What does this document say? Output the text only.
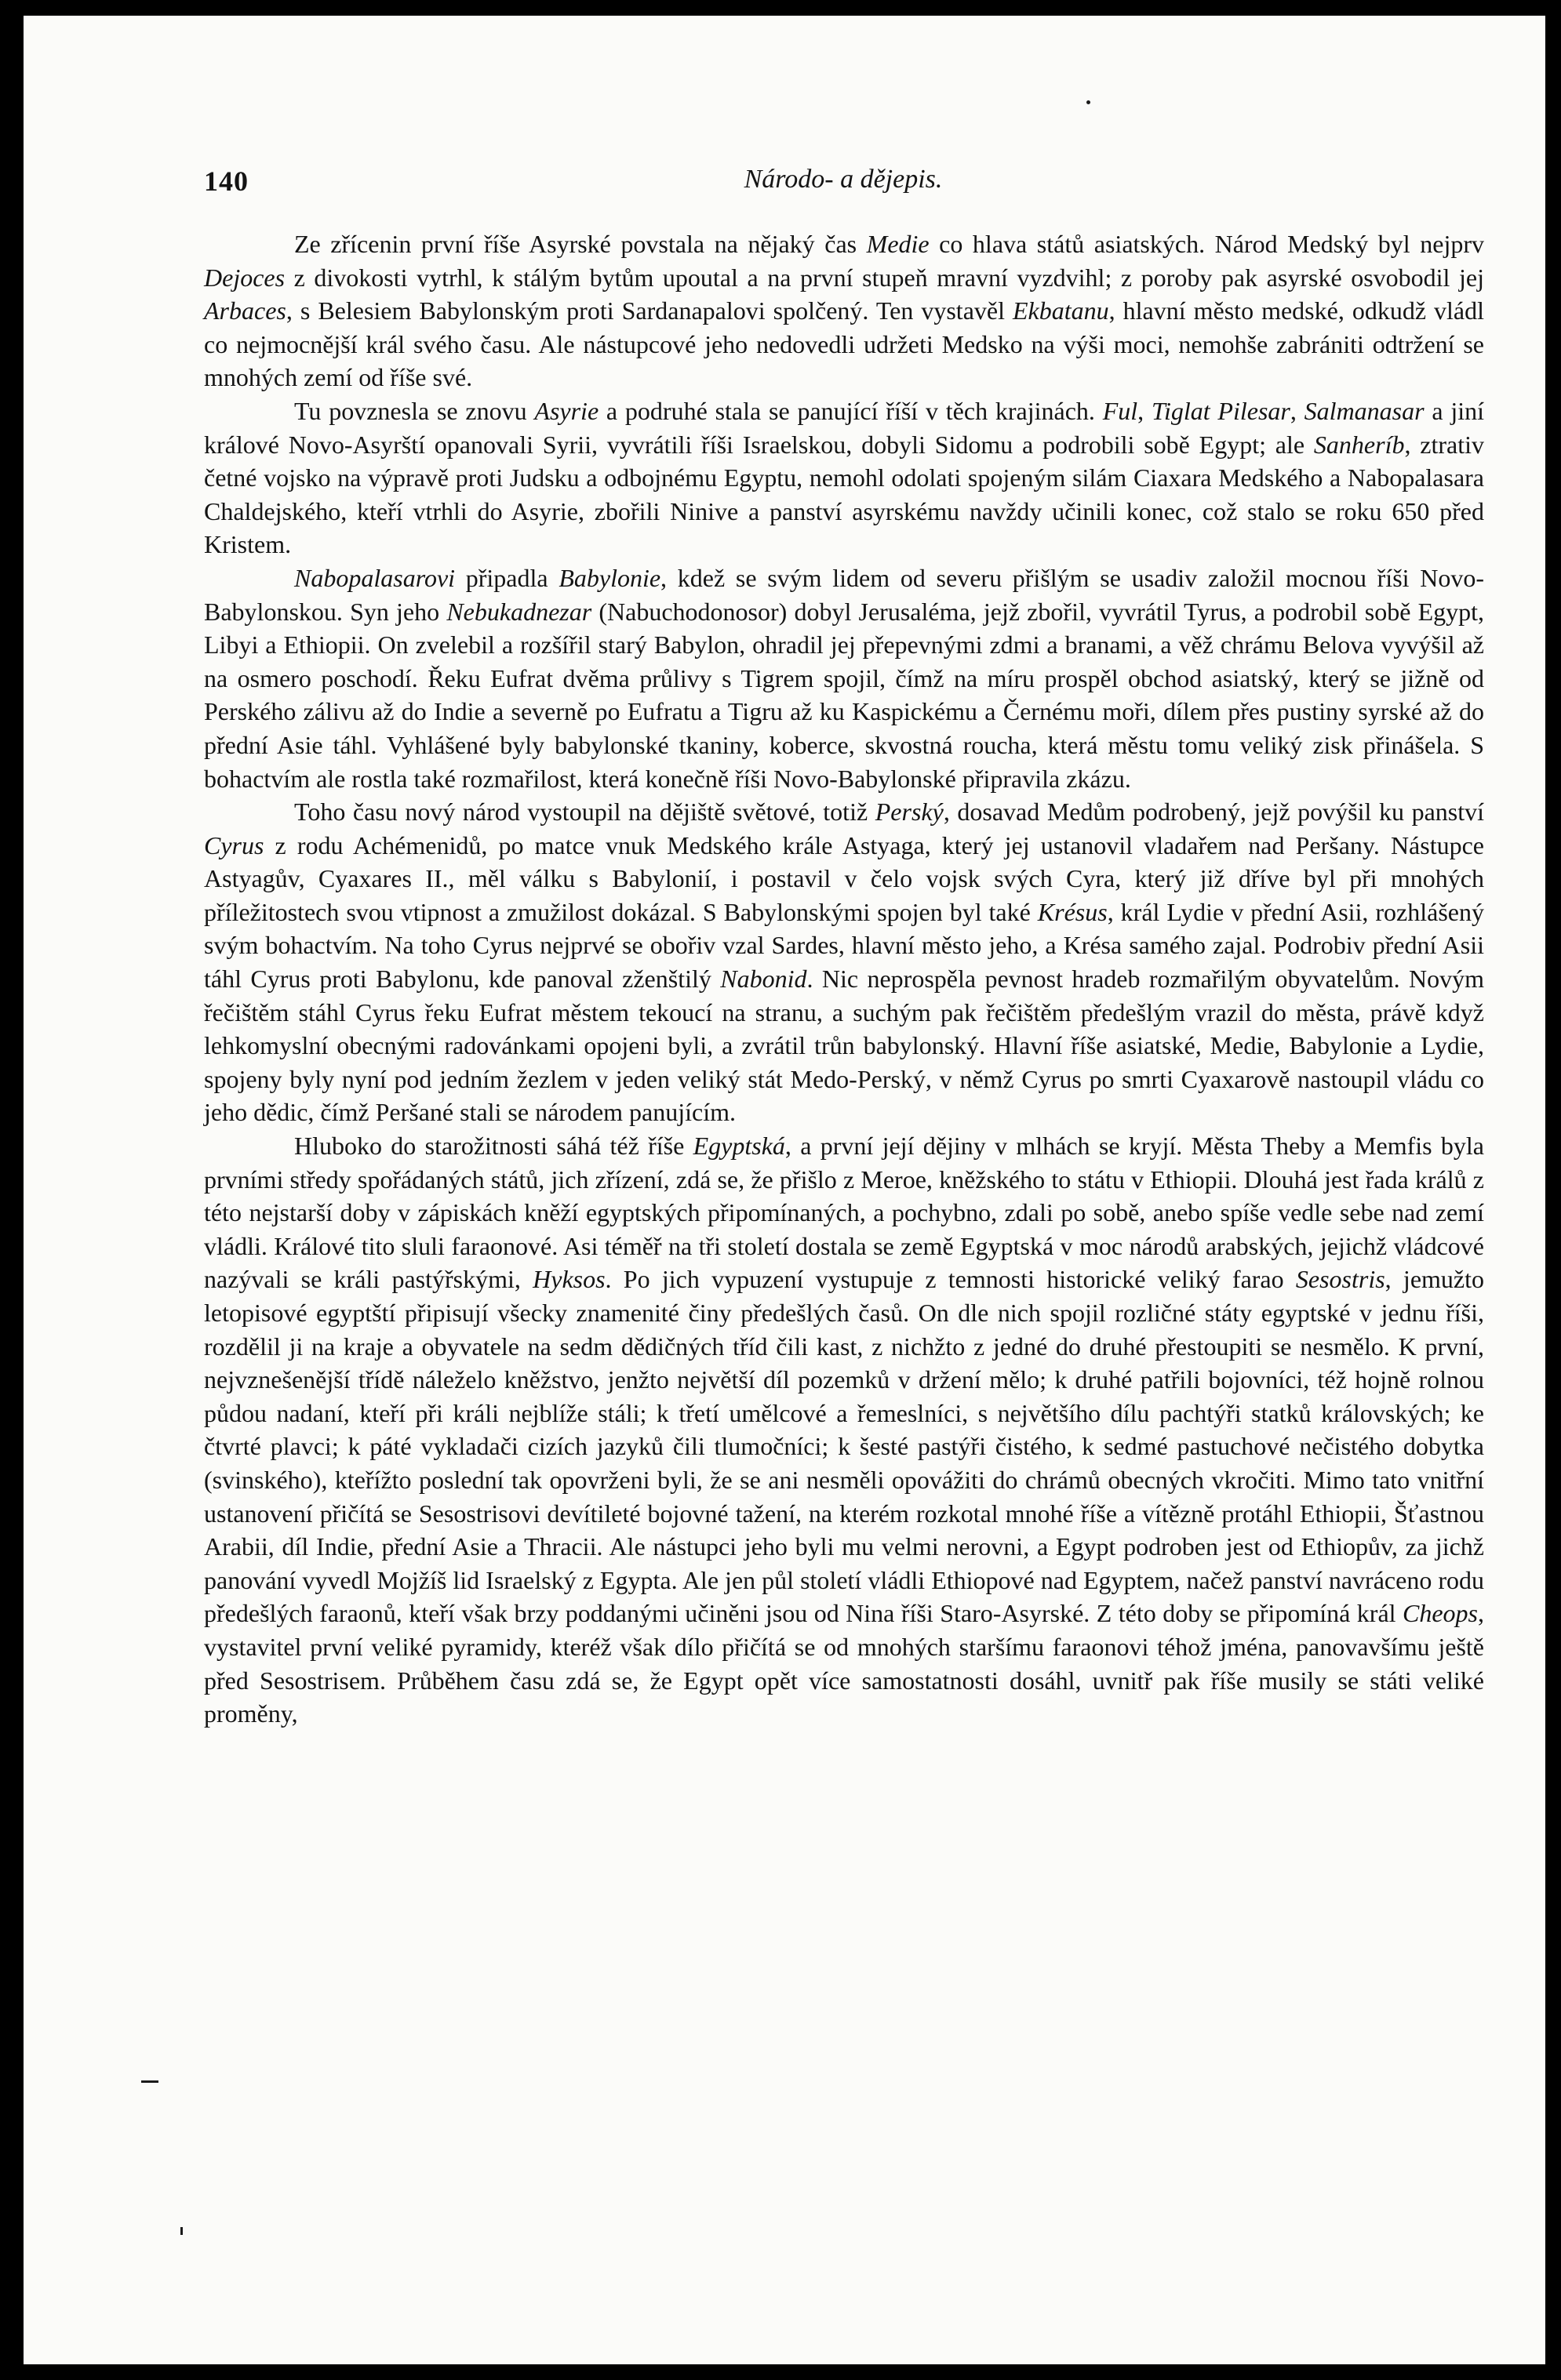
140	Národo- a dějepis.

Ze zřícenin první říše Asyrské povstala na nějaký čas Medie co hlava států asiatských. Národ Medský byl nejprv Dejoces z divokosti vytrhl, k stálým bytům upoutal a na první stupeň mravní vyzdvihl; z poroby pak asyrské osvobodil jej Arbaces, s Belesiem Babylonským proti Sardanapalovi spolčený. Ten vystavěl Ekbatanu, hlavní město medské, odkudž vládl co nejmocnější král svého času. Ale nástupcové jeho nedovedli udržeti Medsko na výši moci, nemohše zabrániti odtržení se mnohých zemí od říše své.

Tu povznesla se znovu Asyrie a podruhé stala se panující říší v těch krajinách. Ful, Tiglat Pilesar, Salmanasar a jiní králové Novo-Asyrští opanovali Syrii, vyvrátili říši Israelskou, dobyli Sidomu a podrobili sobě Egypt; ale Sanheríb, ztrativ četné vojsko na výpravě proti Judsku a odbojnému Egyptu, nemohl odolati spojeným silám Ciaxara Medského a Nabopalasara Chaldejského, kteří vtrhli do Asyrie, zbořili Ninive a panství asyrskému navždy učinili konec, což stalo se roku 650 před Kristem.

Nabopalasarovi připadla Babylonie, kdež se svým lidem od severu přišlým se usadiv založil mocnou říši Novo-Babylonskou. Syn jeho Nebukadnezar (Nabuchodonosor) dobyl Jerusaléma, jejž zbořil, vyvrátil Tyrus, a podrobil sobě Egypt, Libyi a Ethiopii. On zvelebil a rozšířil starý Babylon, ohradil jej přepevnými zdmi a branami, a věž chrámu Belova vyvýšil až na osmero poschodí. Řeku Eufrat dvěma průlivy s Tigrem spojil, čímž na míru prospěl obchod asiatský, který se jižně od Perského zálivu až do Indie a severně po Eufratu a Tigru až ku Kaspickému a Černému moři, dílem přes pustiny syrské až do přední Asie táhl. Vyhlášené byly babylonské tkaniny, koberce, skvostná roucha, která městu tomu veliký zisk přinášela. S bohactvím ale rostla také rozmařilost, která konečně říši Novo-Babylonské připravila zkázu.

Toho času nový národ vystoupil na dějiště světové, totiž Perský, dosavad Medům podrobený, jejž povýšil ku panství Cyrus z rodu Achémenidů, po matce vnuk Medského krále Astyaga, který jej ustanovil vladařem nad Peršany. Nástupce Astyagův, Cyaxares II., měl válku s Babylonií, i postavil v čelo vojsk svých Cyra, který již dříve byl při mnohých příležitostech svou vtipnost a zmužilost dokázal. S Babylonskými spojen byl také Krésus, král Lydie v přední Asii, rozhlášený svým bohactvím. Na toho Cyrus nejprvé se obořiv vzal Sardes, hlavní město jeho, a Krésa samého zajal. Podrobiv přední Asii táhl Cyrus proti Babylonu, kde panoval zženštilý Nabonid. Nic neprospěla pevnost hradeb rozmařilým obyvatelům. Novým řečištěm stáhl Cyrus řeku Eufrat městem tekoucí na stranu, a suchým pak řečištěm předešlým vrazil do města, právě když lehkomyslní obecnými radovánkami opojeni byli, a zvrátil trůn babylonský. Hlavní říše asiatské, Medie, Babylonie a Lydie, spojeny byly nyní pod jedním žezlem v jeden veliký stát Medo-Perský, v němž Cyrus po smrti Cyaxarově nastoupil vládu co jeho dědic, čímž Peršané stali se národem panujícím.

Hluboko do starožitnosti sáhá též říše Egyptská, a první její dějiny v mlhách se kryjí. Města Theby a Memfis byla prvními středy spořádaných států, jich zřízení, zdá se, že přišlo z Meroe, kněžského to státu v Ethiopii. Dlouhá jest řada králů z této nejstarší doby v zápiskách kněží egyptských připomínaných, a pochybno, zdali po sobě, anebo spíše vedle sebe nad zemí vládli. Králové tito sluli faraonové. Asi téměř na tři století dostala se země Egyptská v moc národů arabských, jejichž vládcové nazývali se králi pastýřskými, Hyksos. Po jich vypuzení vystupuje z temnosti historické veliký farao Sesostris, jemužto letopisové egyptští připisují všecky znamenité činy předešlých časů. On dle nich spojil rozličné státy egyptské v jednu říši, rozdělil ji na kraje a obyvatele na sedm dědičných tříd čili kast, z nichžto z jedné do druhé přestoupiti se nesmělo. K první, nejvznešenější třídě náleželo kněžstvo, jenžto největší díl pozemků v držení mělo; k druhé patřili bojovníci, též hojně rolnou půdou nadaní, kteří při králi nejblíže stáli; k třetí umělcové a řemeslníci, s největšího dílu pachtýři statků královských; ke čtvrté plavci; k páté vykladači cizích jazyků čili tlumočníci; k šesté pastýři čistého, k sedmé pastuchové nečistého dobytka (svinského), kteřížto poslední tak opovrženi byli, že se ani nesměli opovážiti do chrámů obecných vkročiti. Mimo tato vnitřní ustanovení přičítá se Sesostrisovi devítileté bojovné tažení, na kterém rozkotal mnohé říše a vítězně protáhl Ethiopii, Šťastnou Arabii, díl Indie, přední Asie a Thracii. Ale nástupci jeho byli mu velmi nerovni, a Egypt podroben jest od Ethiopův, za jichž panování vyvedl Mojžíš lid Israelský z Egypta. Ale jen půl století vládli Ethiopové nad Egyptem, načež panství navráceno rodu předešlých faraonů, kteří však brzy poddanými učiněni jsou od Nina říši Staro-Asyrské. Z této doby se připomíná král Cheops, vystavitel první veliké pyramidy, kteréž však dílo přičítá se od mnohých staršímu faraonovi téhož jména, panovavšímu ještě před Sesostrisem. Průběhem času zdá se, že Egypt opět více samostatnosti dosáhl, uvnitř pak říše musily se státi veliké proměny,
